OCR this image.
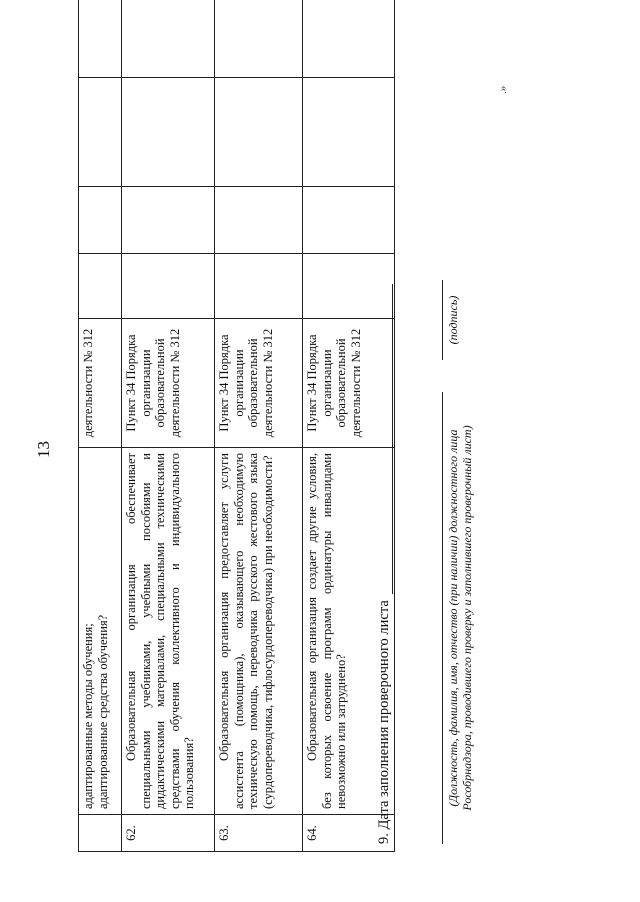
13

	адаптированные методы обучения; адаптированные средства обучения?	деятельности № 312				
62.	Образовательная организация обеспечивает специальными учебниками, учебными пособиями и дидактическими материалами, специальными техническими средствами обучения коллективного и индивидуального пользования?	Пункт 34 Порядка организации образовательной деятельности № 312				
63.	Образовательная организация предоставляет услуги ассистента (помощника), оказывающего необходимую техническую помощь, переводчика русского жестового языка (сурдопереводчика, тифлосурдопереводчика) при необходимости?	Пункт 34 Порядка организации образовательной деятельности № 312				
64.	Образовательная организация создает другие условия, без которых освоение программ ординатуры инвалидами невозможно или затруднено?	Пункт 34 Порядка организации образовательной деятельности № 312				
9. Дата заполнения проверочного листа	(Должность, фамилия, имя, отчество (при наличии) должностного лица Рособрнадзора, проводившего проверку и заполнившего проверочный лист)
(подпись)
.»
